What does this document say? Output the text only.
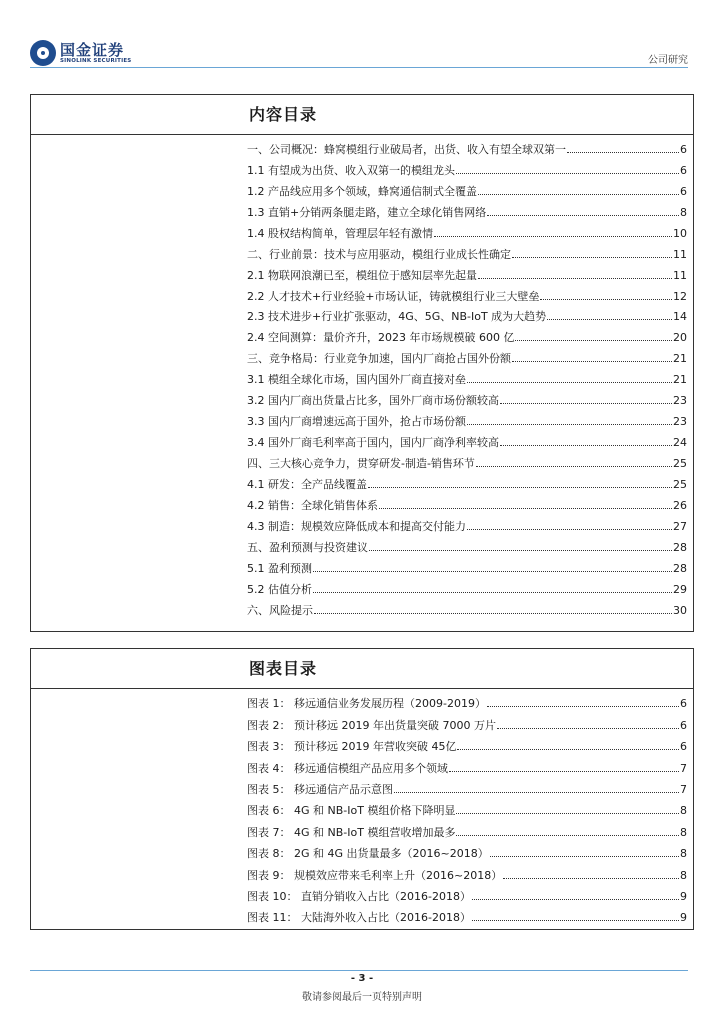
国金证券
SINOLINK SECURITIES	公司研究
内容目录
一、公司概况：蜂窝模组行业破局者，出货、收入有望全球双第一	6
1.1 有望成为出货、收入双第一的模组龙头	6
1.2 产品线应用多个领域，蜂窝通信制式全覆盖	6
1.3 直销+分销两条腿走路，建立全球化销售网络	8
1.4 股权结构简单，管理层年轻有激情	10
二、行业前景：技术与应用驱动，模组行业成长性确定	11
2.1 物联网浪潮已至，模组位于感知层率先起量	11
2.2 人才技术+行业经验+市场认证，铸就模组行业三大壁垒	12
2.3 技术进步+行业扩张驱动，4G、5G、NB-IoT 成为大趋势	14
2.4 空间测算：量价齐升，2023 年市场规模破 600 亿	20
三、竞争格局：行业竞争加速，国内厂商抢占国外份额	21
3.1 模组全球化市场，国内国外厂商直接对垒	21
3.2 国内厂商出货量占比多，国外厂商市场份额较高	23
3.3 国内厂商增速远高于国外，抢占市场份额	23
3.4 国外厂商毛利率高于国内，国内厂商净利率较高	24
四、三大核心竞争力，贯穿研发-制造-销售环节	25
4.1 研发：全产品线覆盖	25
4.2 销售：全球化销售体系	26
4.3 制造：规模效应降低成本和提高交付能力	27
五、盈利预测与投资建议	28
5.1 盈利预测	28
5.2 估值分析	29
六、风险提示	30
图表目录
图表 1： 移远通信业务发展历程（2009-2019）	6
图表 2： 预计移远 2019 年出货量突破 7000 万片	6
图表 3： 预计移远 2019 年营收突破 45亿	6
图表 4： 移远通信模组产品应用多个领域	7
图表 5： 移远通信产品示意图	7
图表 6： 4G 和 NB-IoT 模组价格下降明显	8
图表 7： 4G 和 NB-IoT 模组营收增加最多	8
图表 8： 2G 和 4G 出货量最多（2016~2018）	8
图表 9： 规模效应带来毛利率上升（2016~2018）	8
图表 10： 直销分销收入占比（2016-2018）	9
图表 11： 大陆海外收入占比（2016-2018）	9
- 3 -
敬请参阅最后一页特别声明
